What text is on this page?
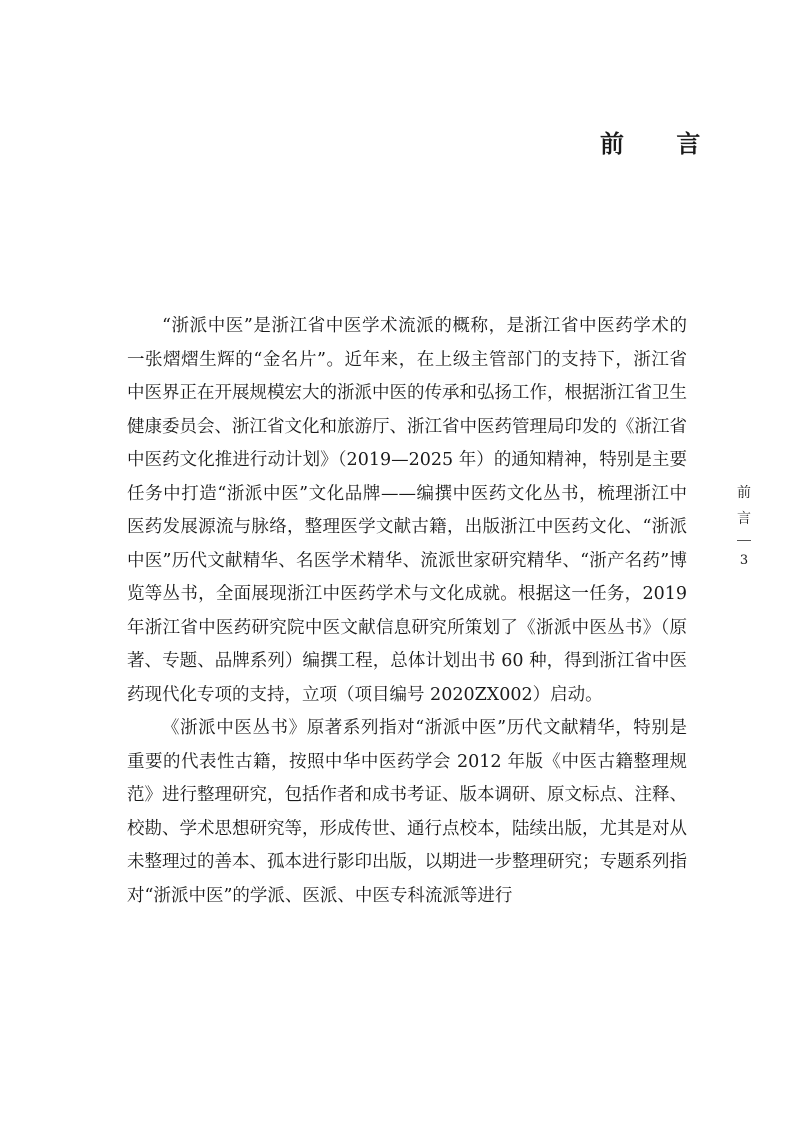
前 言

“浙派中医”是浙江省中医学术流派的概称，是浙江省中医药学术的一张熠熠生辉的“金名片”。近年来，在上级主管部门的支持下，浙江省中医界正在开展规模宏大的浙派中医的传承和弘扬工作，根据浙江省卫生健康委员会、浙江省文化和旅游厅、浙江省中医药管理局印发的《浙江省中医药文化推进行动计划》（2019—2025 年）的通知精神，特别是主要任务中打造“浙派中医”文化品牌——编撰中医药文化丛书，梳理浙江中医药发展源流与脉络，整理医学文献古籍，出版浙江中医药文化、“浙派中医”历代文献精华、名医学术精华、流派世家研究精华、“浙产名药”博览等丛书，全面展现浙江中医药学术与文化成就。根据这一任务，2019 年浙江省中医药研究院中医文献信息研究所策划了《浙派中医丛书》（原著、专题、品牌系列）编撰工程，总体计划出书 60 种，得到浙江省中医药现代化专项的支持，立项（项目编号 2020ZX002）启动。

《浙派中医丛书》原著系列指对“浙派中医”历代文献精华，特别是重要的代表性古籍，按照中华中医药学会 2012 年版《中医古籍整理规范》进行整理研究，包括作者和成书考证、版本调研、原文标点、注释、校勘、学术思想研究等，形成传世、通行点校本，陆续出版，尤其是对从未整理过的善本、孤本进行影印出版，以期进一步整理研究；专题系列指对“浙派中医”的学派、医派、中医专科流派等进行

前
言
3
